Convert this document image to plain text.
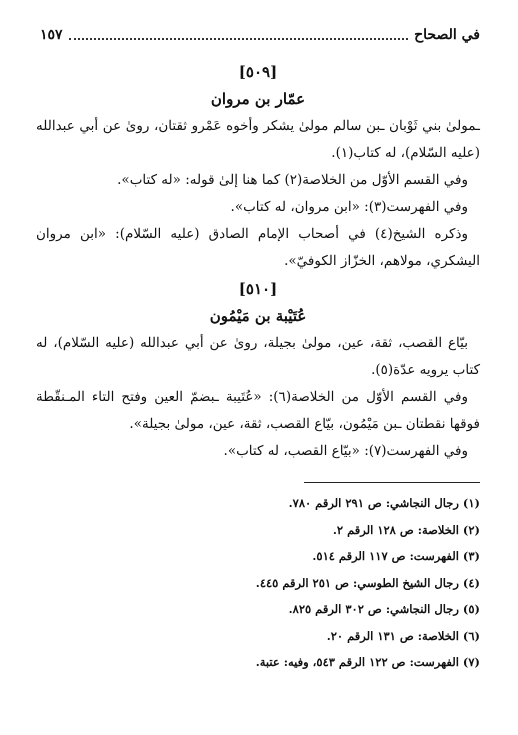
في الصحاح
١٥٧
[٥٠٩]
عمّار بن مروان

ـمولىٰ بني ثَوْبان ـبن سالم مولىٰ يشكر وأخوه عَمْرو ثقتان، روىٰ عن أبي عبدالله (عليه السّلام)، له كتاب(١).

وفي القسم الأوّل من الخلاصة(٢) كما هنا إلىٰ قوله: «له كتاب».

وفي الفهرست(٣): «ابن مروان، له كتاب».

وذكره الشيخ(٤) في أصحاب الإمام الصادق (عليه السّلام): «ابن مروان اليشكري، مولاهم، الخزّاز الكوفيّ».

[٥١٠]
عُتَيْبة بن مَيْمُون

بيّاع القصب، ثقة، عين، مولىٰ بجيلة، روىٰ عن أبي عبدالله (عليه السّلام)، له كتاب يرويه عدّة(٥).

وفي القسم الأوّل من الخلاصة(٦): «عُتَيبة ـبضمّ العين وفتح التاء المـنقّطة فوقها نقطتان ـبن مَيْمُون، بيّاع القصب، ثقة، عين، مولىٰ بجيلة».

وفي الفهرست(٧): «بيّاع القصب، له كتاب».

(١) رجال النجاشي: ص ٢٩١ الرقم ٧٨٠.

(٢) الخلاصة: ص ١٢٨ الرقم ٢.

(٣) الفهرست: ص ١١٧ الرقم ٥١٤.

(٤) رجال الشيخ الطوسي: ص ٢٥١ الرقم ٤٤٥.

(٥) رجال النجاشي: ص ٣٠٢ الرقم ٨٢٥.

(٦) الخلاصة: ص ١٣١ الرقم ٢٠.

(٧) الفهرست: ص ١٢٢ الرقم ٥٤٣، وفيه: عتبة.
